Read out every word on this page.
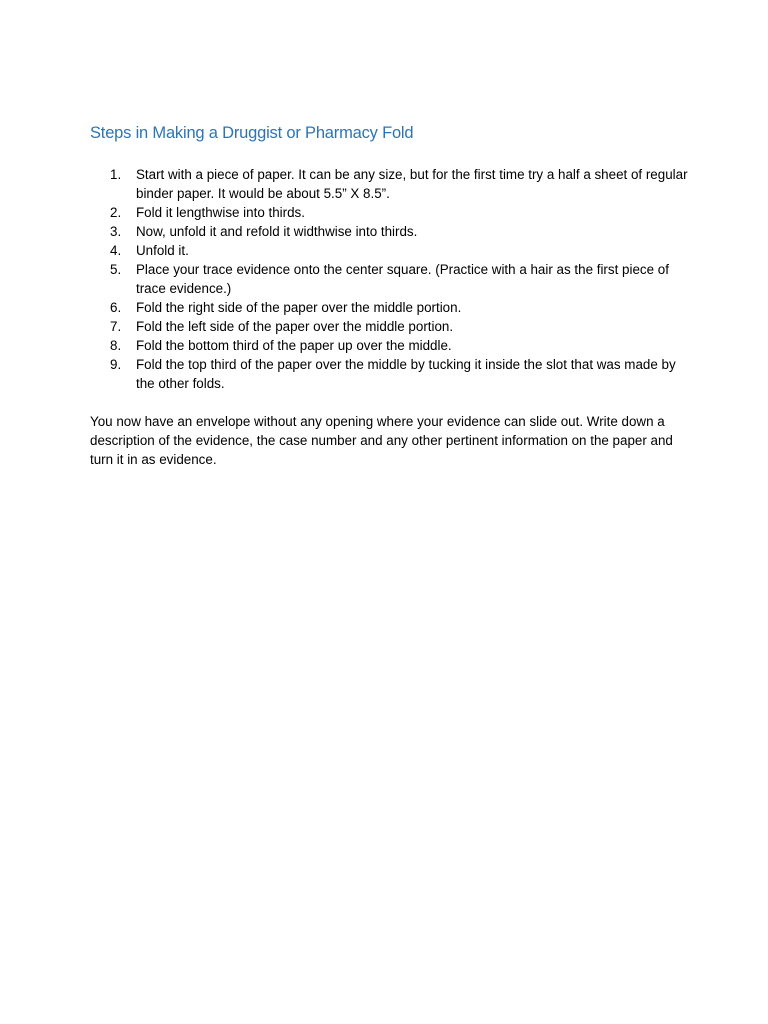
Steps in Making a Druggist or Pharmacy Fold
1.	Start with a piece of paper. It can be any size, but for the first time try a half a sheet of regular binder paper. It would be about 5.5” X 8.5”.
2.	Fold it lengthwise into thirds.
3.	Now, unfold it and refold it widthwise into thirds.
4.	Unfold it.
5.	Place your trace evidence onto the center square. (Practice with a hair as the first piece of trace evidence.)
6.	Fold the right side of the paper over the middle portion.
7.	Fold the left side of the paper over the middle portion.
8.	Fold the bottom third of the paper up over the middle.
9.	Fold the top third of the paper over the middle by tucking it inside the slot that was made by the other folds.

You now have an envelope without any opening where your evidence can slide out. Write down a description of the evidence, the case number and any other pertinent information on the paper and turn it in as evidence.
